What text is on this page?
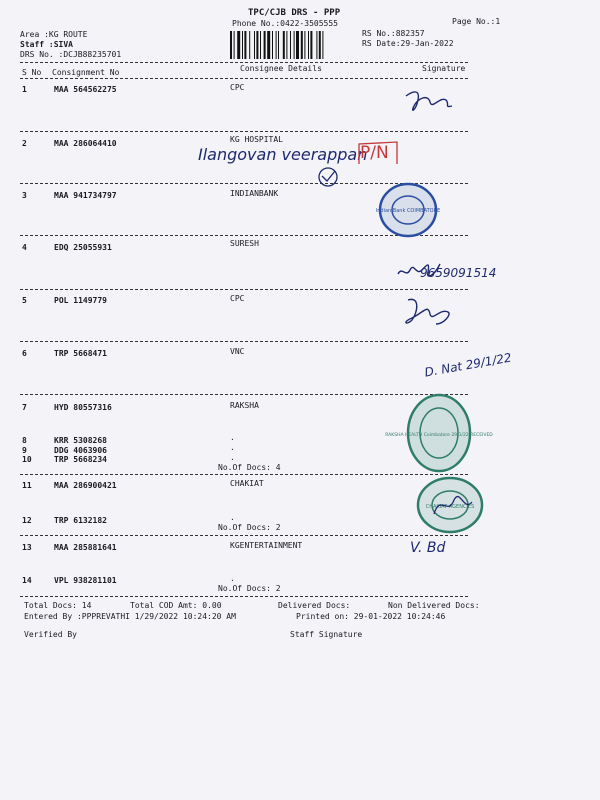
TPC/CJB DRS - PPP
Phone No.:0422-3505555	Page No.:1
Area :KG ROUTE
Staff :SIVA
DRS No. :DCJB88235701
RS No.:882357
RS Date:29-Jan-2022
S No Consignment No	Consignee Details	Signature
1	MAA 564562275	CPC
2	MAA 286064410	KG HOSPITAL
Ilangovan veerappan
P/N
3	MAA 941734797	INDIANBANK
4	EDQ 25055931	SURESH
9659091514
5	POL 1149779	CPC
6	TRP 5668471	VNC	D. Nat 29/1/22
7	HYD 80557316	RAKSHA
8	KRR 5308268	.
9	DDG 4063906	.
10	TRP 5668234	.
No.Of Docs: 4
11	MAA 286900421	CHAKIAT
12	TRP 6132182	.
No.Of Docs: 2
13	MAA 285881641	KGENTERTAINMENT	V. Bd
14	VPL 938281101	.
No.Of Docs: 2
Total Docs: 14	Total COD Amt: 0.00	Delivered Docs:	Non Delivered Docs:
Entered By :PPPREVATHI 1/29/2022 10:24:20 AM	Printed on: 29-01-2022 10:24:46
Verified By	Staff Signature
Indian Bank COIMBATORE
RAKSHA HEALTH Coimbatore 29/1/22 RECEIVED
CHAKIAT AGENCIES
